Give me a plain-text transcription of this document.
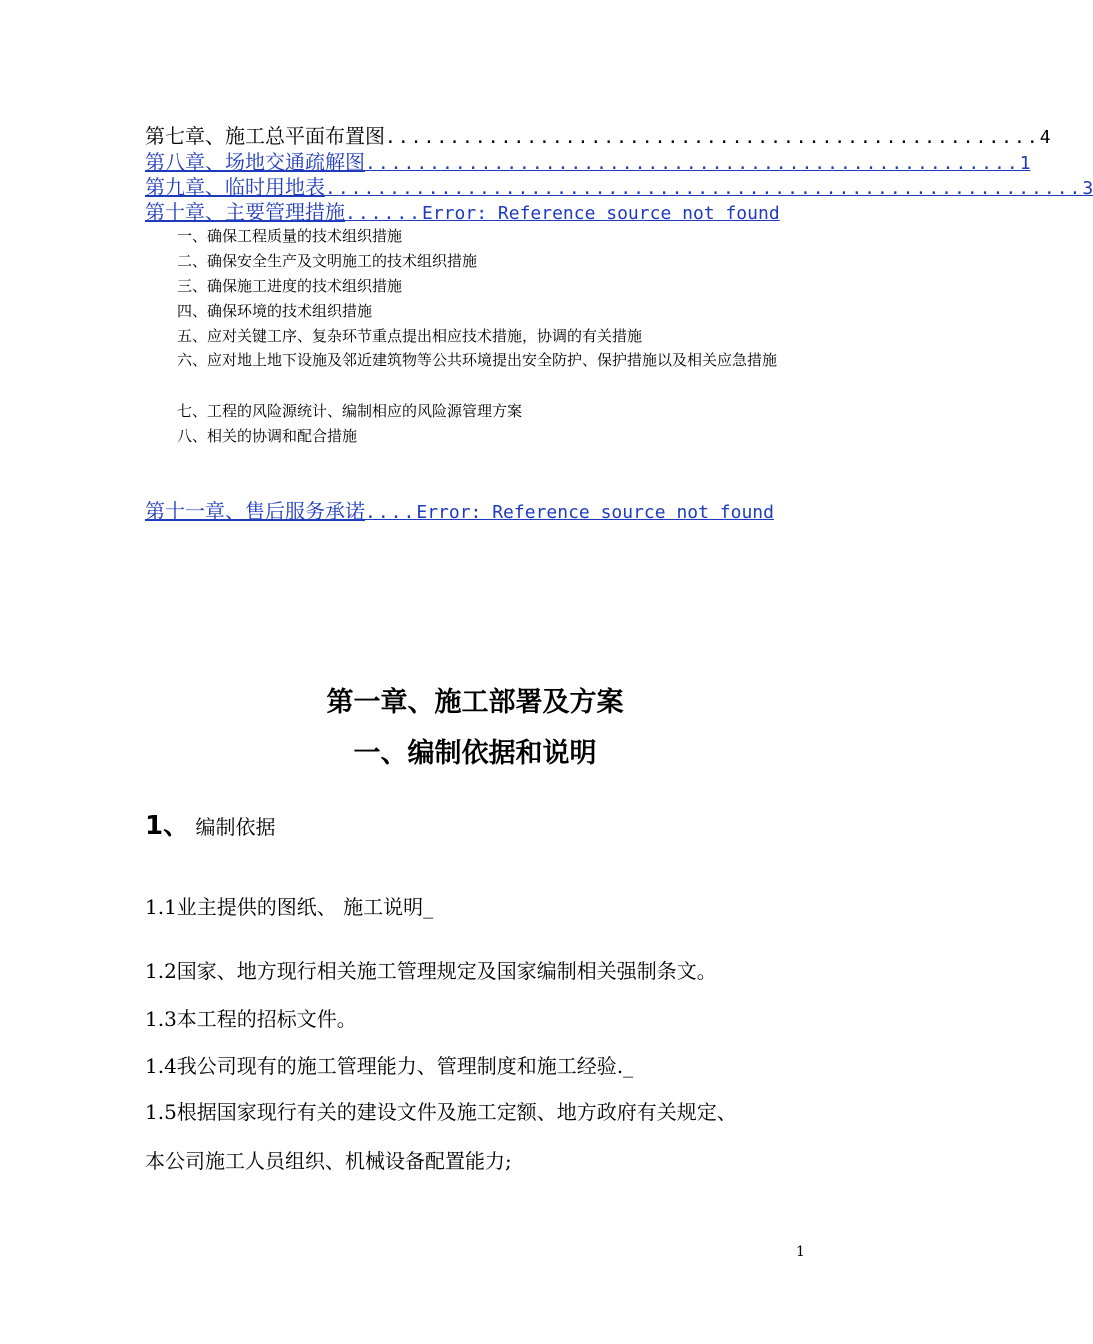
第七章、施工总平面布置图 ................................................... 4
第八章、场地交通疏解图 ................................................... 1
第九章、临时用地表 ........................................................... 3
第十章、主要管理措施 ...... Error: Reference source not found
一、确保工程质量的技术组织措施
二、确保安全生产及文明施工的技术组织措施
三、确保施工进度的技术组织措施
四、确保环境的技术组织措施
五、应对关键工序、复杂环节重点提出相应技术措施，协调的有关措施
六、应对地上地下设施及邻近建筑物等公共环境提出安全防护、保护措施以及相关应急措施
七、工程的风险源统计、编制相应的风险源管理方案
八、相关的协调和配合措施
第十一章、售后服务承诺 .... Error: Reference source not found
第一章、施工部署及方案
一、编制依据和说明
1、 编制依据
1.1业主提供的图纸、 施工说明_
1.2国家、地方现行相关施工管理规定及国家编制相关强制条文。
1.3本工程的招标文件。
1.4我公司现有的施工管理能力、管理制度和施工经验._
1.5根据国家现行有关的建设文件及施工定额、地方政府有关规定、
本公司施工人员组织、机械设备配置能力;
1
